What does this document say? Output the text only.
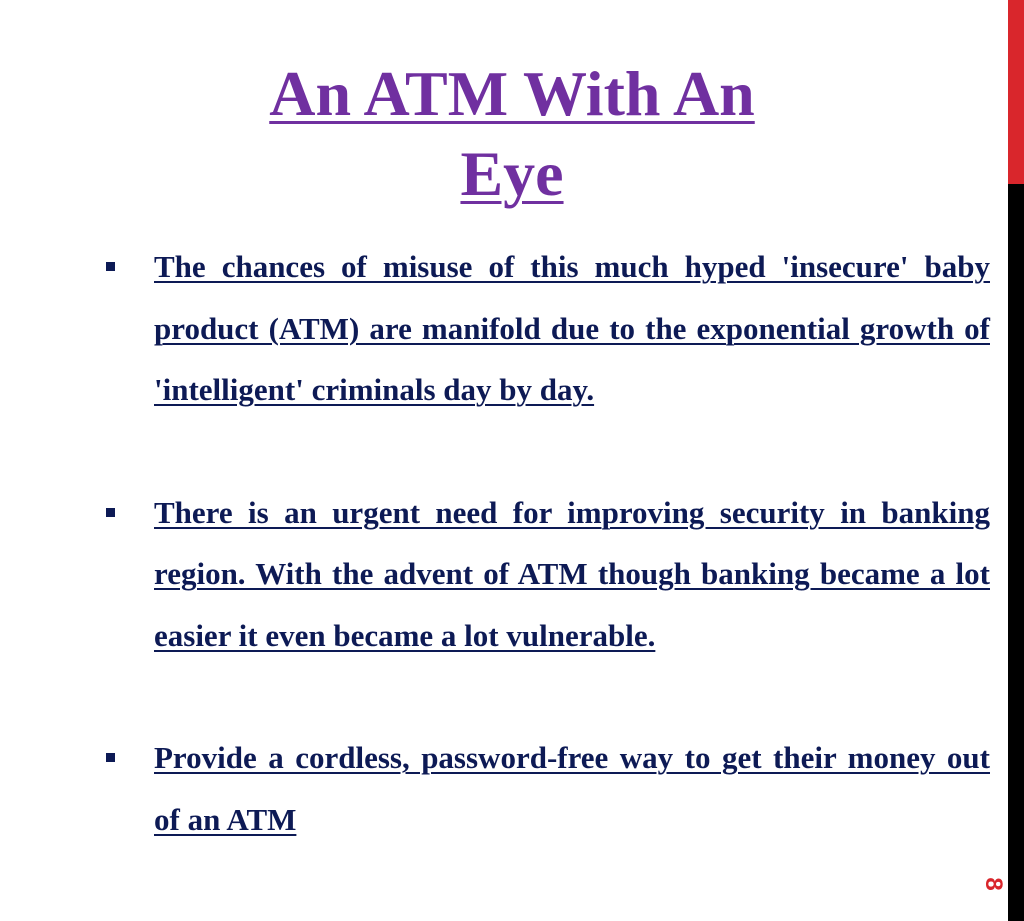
An ATM With An
Eye
The chances of misuse of this much hyped 'insecure' baby product (ATM) are manifold due to the exponential growth of 'intelligent' criminals day by day.
There is an urgent need for improving security in banking region. With the advent of ATM though banking became a lot easier it even became a lot vulnerable.
Provide a cordless, password-free way to get their money out of an ATM

8
